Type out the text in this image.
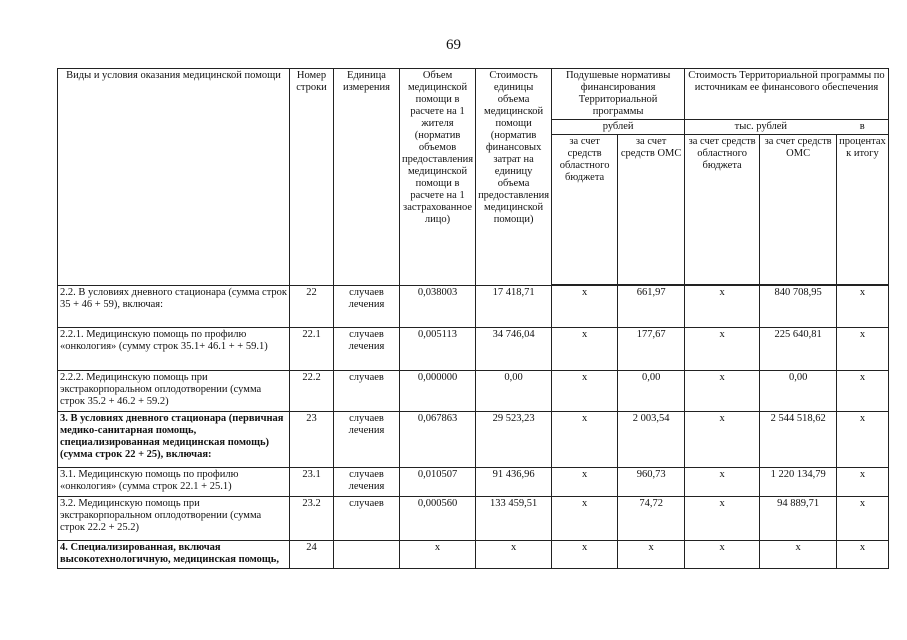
69
Виды и условия оказания медицинской помощи	Номер строки	Единица измерения	Объем медицинской помощи в расчете на 1 жителя (норматив объемов предоставления медицинской помощи в расчете на 1 застрахованное лицо)	Стоимость единицы объема медицинской помощи (норматив финансовых затрат на единицу объема предоставления медицинской помощи)	Подушевые нормативы финансирования Территориальной программы		Стоимость Территориальной программы по источникам ее финансового обеспечения		
					рублей		тыс. рублей		в
					за счет средств областного бюджета	за счет средств ОМС	за счет средств областного бюджета	за счет средств ОМС	процентах к итогу

2.2. В условиях дневного стационара (сумма строк 35 + 46 + 59), включая:	22	случаев лечения	0,038003	17 418,71	x	661,97	x	840 708,95	x
2.2.1. Медицинскую помощь по профилю «онкология» (сумму строк 35.1+ 46.1 + + 59.1)	22.1	случаев лечения	0,005113	34 746,04	x	177,67	x	225 640,81	x
2.2.2. Медицинскую помощь при экстракорпоральном оплодотворении (сумма строк 35.2 + 46.2 + 59.2)	22.2	случаев	0,000000	0,00	x	0,00	x	0,00	x
3. В условиях дневного стационара (первичная медико-санитарная помощь, специализированная медицинская помощь) (сумма строк 22 + 25), включая:	23	случаев лечения	0,067863	29 523,23	x	2 003,54	x	2 544 518,62	x
3.1. Медицинскую помощь по профилю «онкология» (сумма строк 22.1 + 25.1)	23.1	случаев лечения	0,010507	91 436,96	x	960,73	x	1 220 134,79	x
3.2. Медицинскую помощь при экстракорпоральном оплодотворении (сумма строк 22.2 + 25.2)	23.2	случаев	0,000560	133 459,51	x	74,72	x	94 889,71	x
4. Специализированная, включая высокотехнологичную, медицинская помощь,	24		x	x	x	x	x	x	x
